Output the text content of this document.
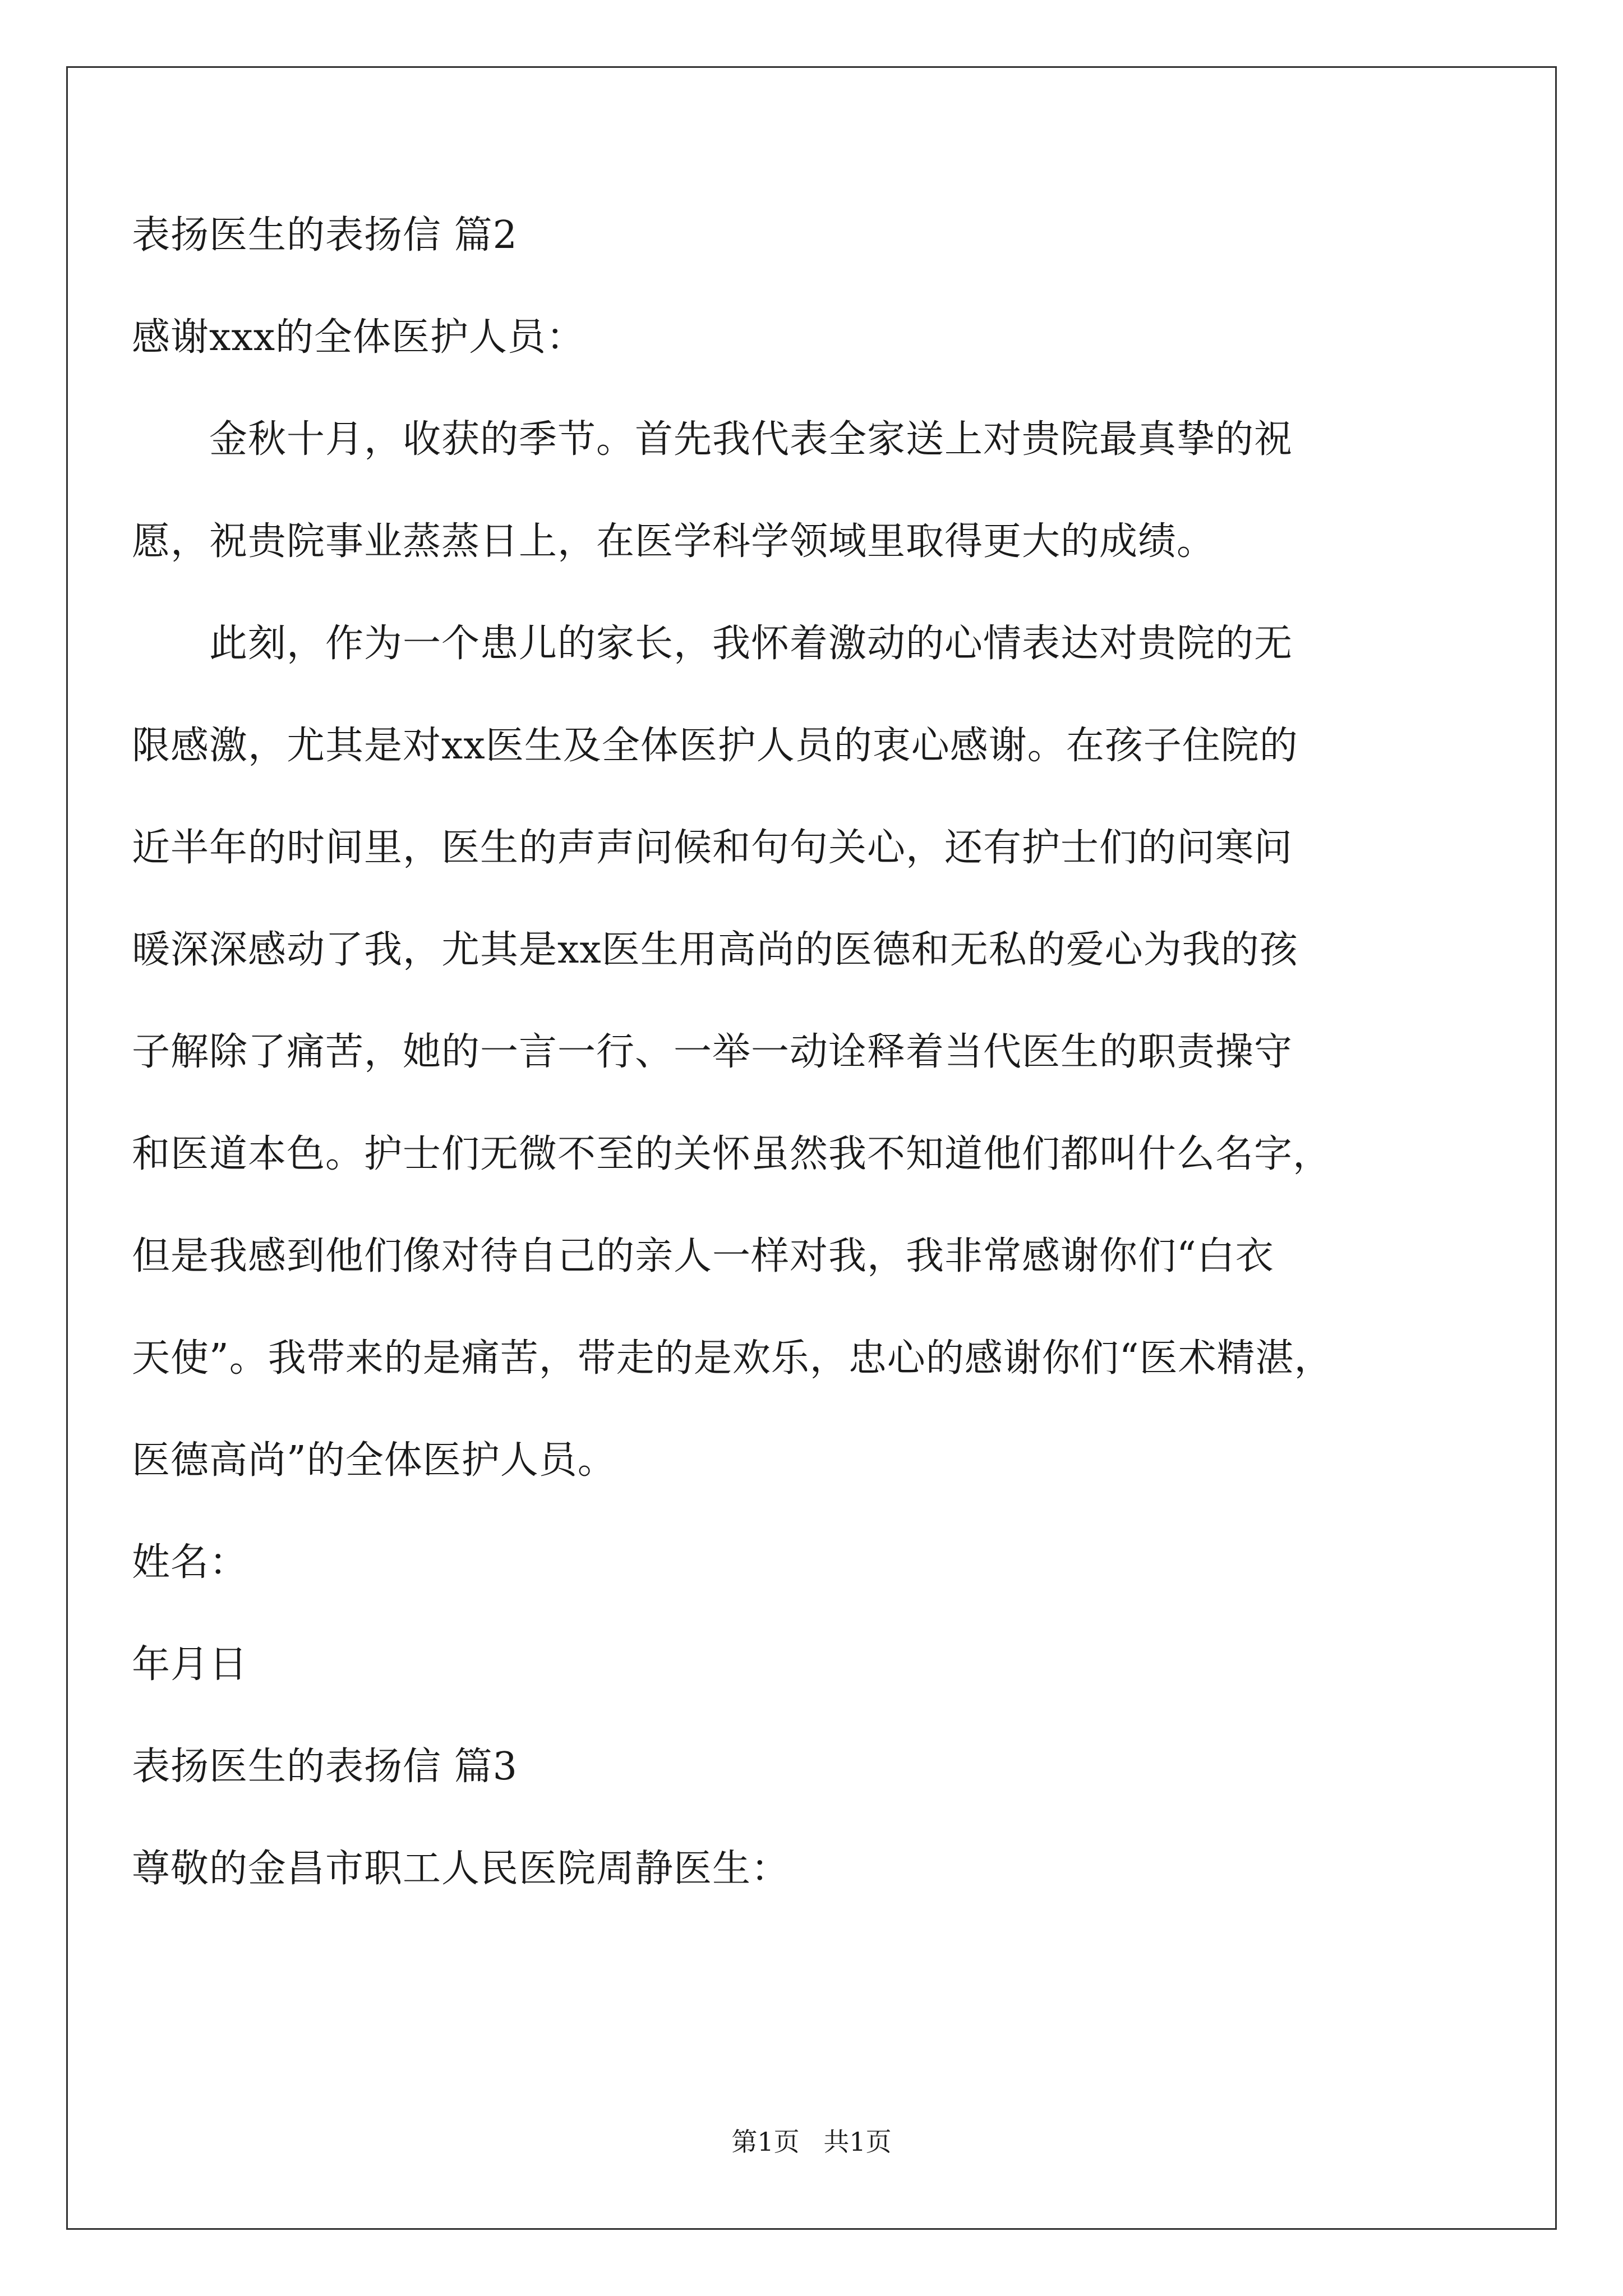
表扬医生的表扬信 篇2

感谢xxx的全体医护人员：

　　金秋十月，收获的季节。首先我代表全家送上对贵院最真挚的祝

愿，祝贵院事业蒸蒸日上，在医学科学领域里取得更大的成绩。

　　此刻，作为一个患儿的家长，我怀着激动的心情表达对贵院的无

限感激，尤其是对xx医生及全体医护人员的衷心感谢。在孩子住院的

近半年的时间里，医生的声声问候和句句关心，还有护士们的问寒问

暖深深感动了我，尤其是xx医生用高尚的医德和无私的爱心为我的孩

子解除了痛苦，她的一言一行、一举一动诠释着当代医生的职责操守

和医道本色。护士们无微不至的关怀虽然我不知道他们都叫什么名字，

但是我感到他们像对待自己的亲人一样对我，我非常感谢你们“白衣

天使”。我带来的是痛苦，带走的是欢乐，忠心的感谢你们“医术精湛，

医德高尚”的全体医护人员。

姓名：

年月日

表扬医生的表扬信 篇3

尊敬的金昌市职工人民医院周静医生：

第1页 共1页
